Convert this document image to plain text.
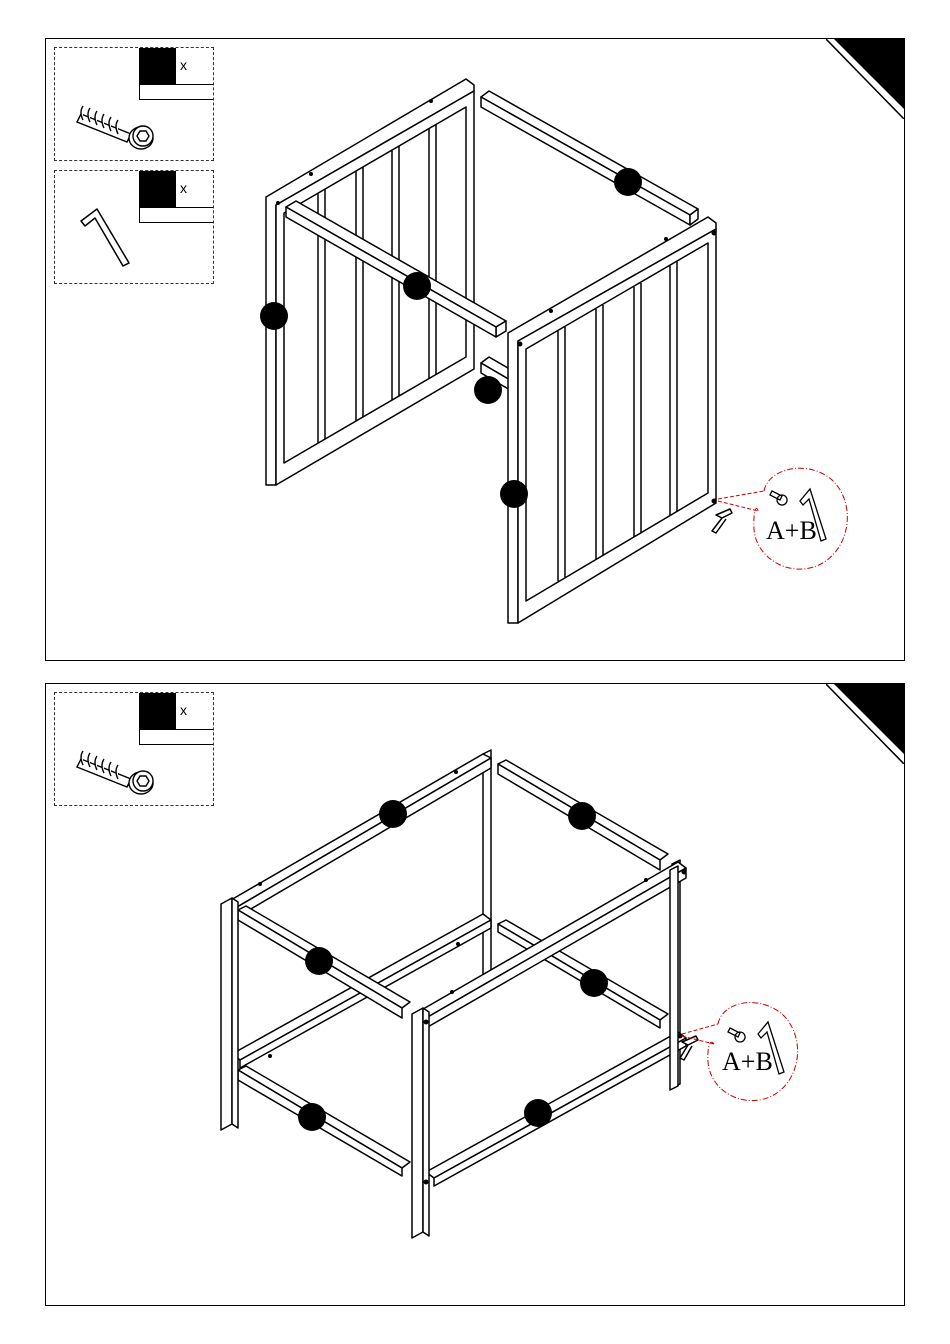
x
x
A+B
x
A+B
